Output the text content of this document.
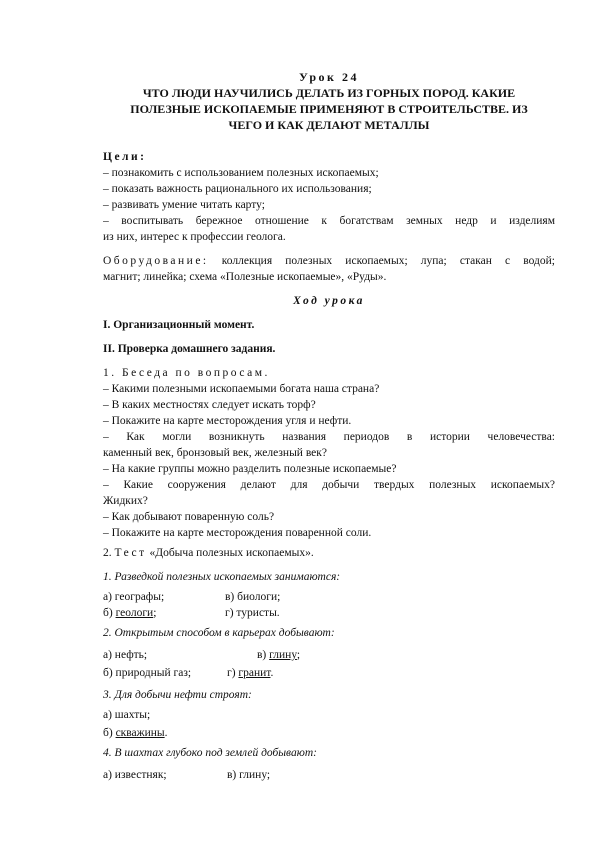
Урок 24
ЧТО ЛЮДИ НАУЧИЛИСЬ ДЕЛАТЬ ИЗ ГОРНЫХ ПОРОД. КАКИЕ
ПОЛЕЗНЫЕ ИСКОПАЕМЫЕ ПРИМЕНЯЮТ В СТРОИТЕЛЬСТВЕ. ИЗ
ЧЕГО И КАК ДЕЛАЮТ МЕТАЛЛЫ
Цели:
– познакомить с использованием полезных ископаемых;
– показать важность рационального их использования;
– развивать умение читать карту;
– воспитывать бережное отношение к богатствам земных недр и изделиям
из них, интерес к профессии геолога.
Оборудование: коллекция полезных ископаемых; лупа; стакан с водой;
магнит; линейка; схема «Полезные ископаемые», «Руды».
Ход урока
I. Организационный момент.
II. Проверка домашнего задания.
1. Беседа по вопросам.
– Какими полезными ископаемыми богата наша страна?
– В каких местностях следует искать торф?
– Покажите на карте месторождения угля и нефти.
– Как могли возникнуть названия периодов в истории человечества:
каменный век, бронзовый век, железный век?
– На какие группы можно разделить полезные ископаемые?
– Какие сооружения делают для добычи твердых полезных ископаемых?
Жидких?
– Как добывают поваренную соль?
– Покажите на карте месторождения поваренной соли.
2. Тест «Добыча полезных ископаемых».
1. Разведкой полезных ископаемых занимаются:
а) географы;	в) биологи;
б) геологи;	г) туристы.
2. Открытым способом в карьерах добывают:
а) нефть;	в) глину;
б) природный газ;	г) гранит.
3. Для добычи нефти строят:
а) шахты;
б) скважины.
4. В шахтах глубоко под землей добывают:
а) известняк;	в) глину;
